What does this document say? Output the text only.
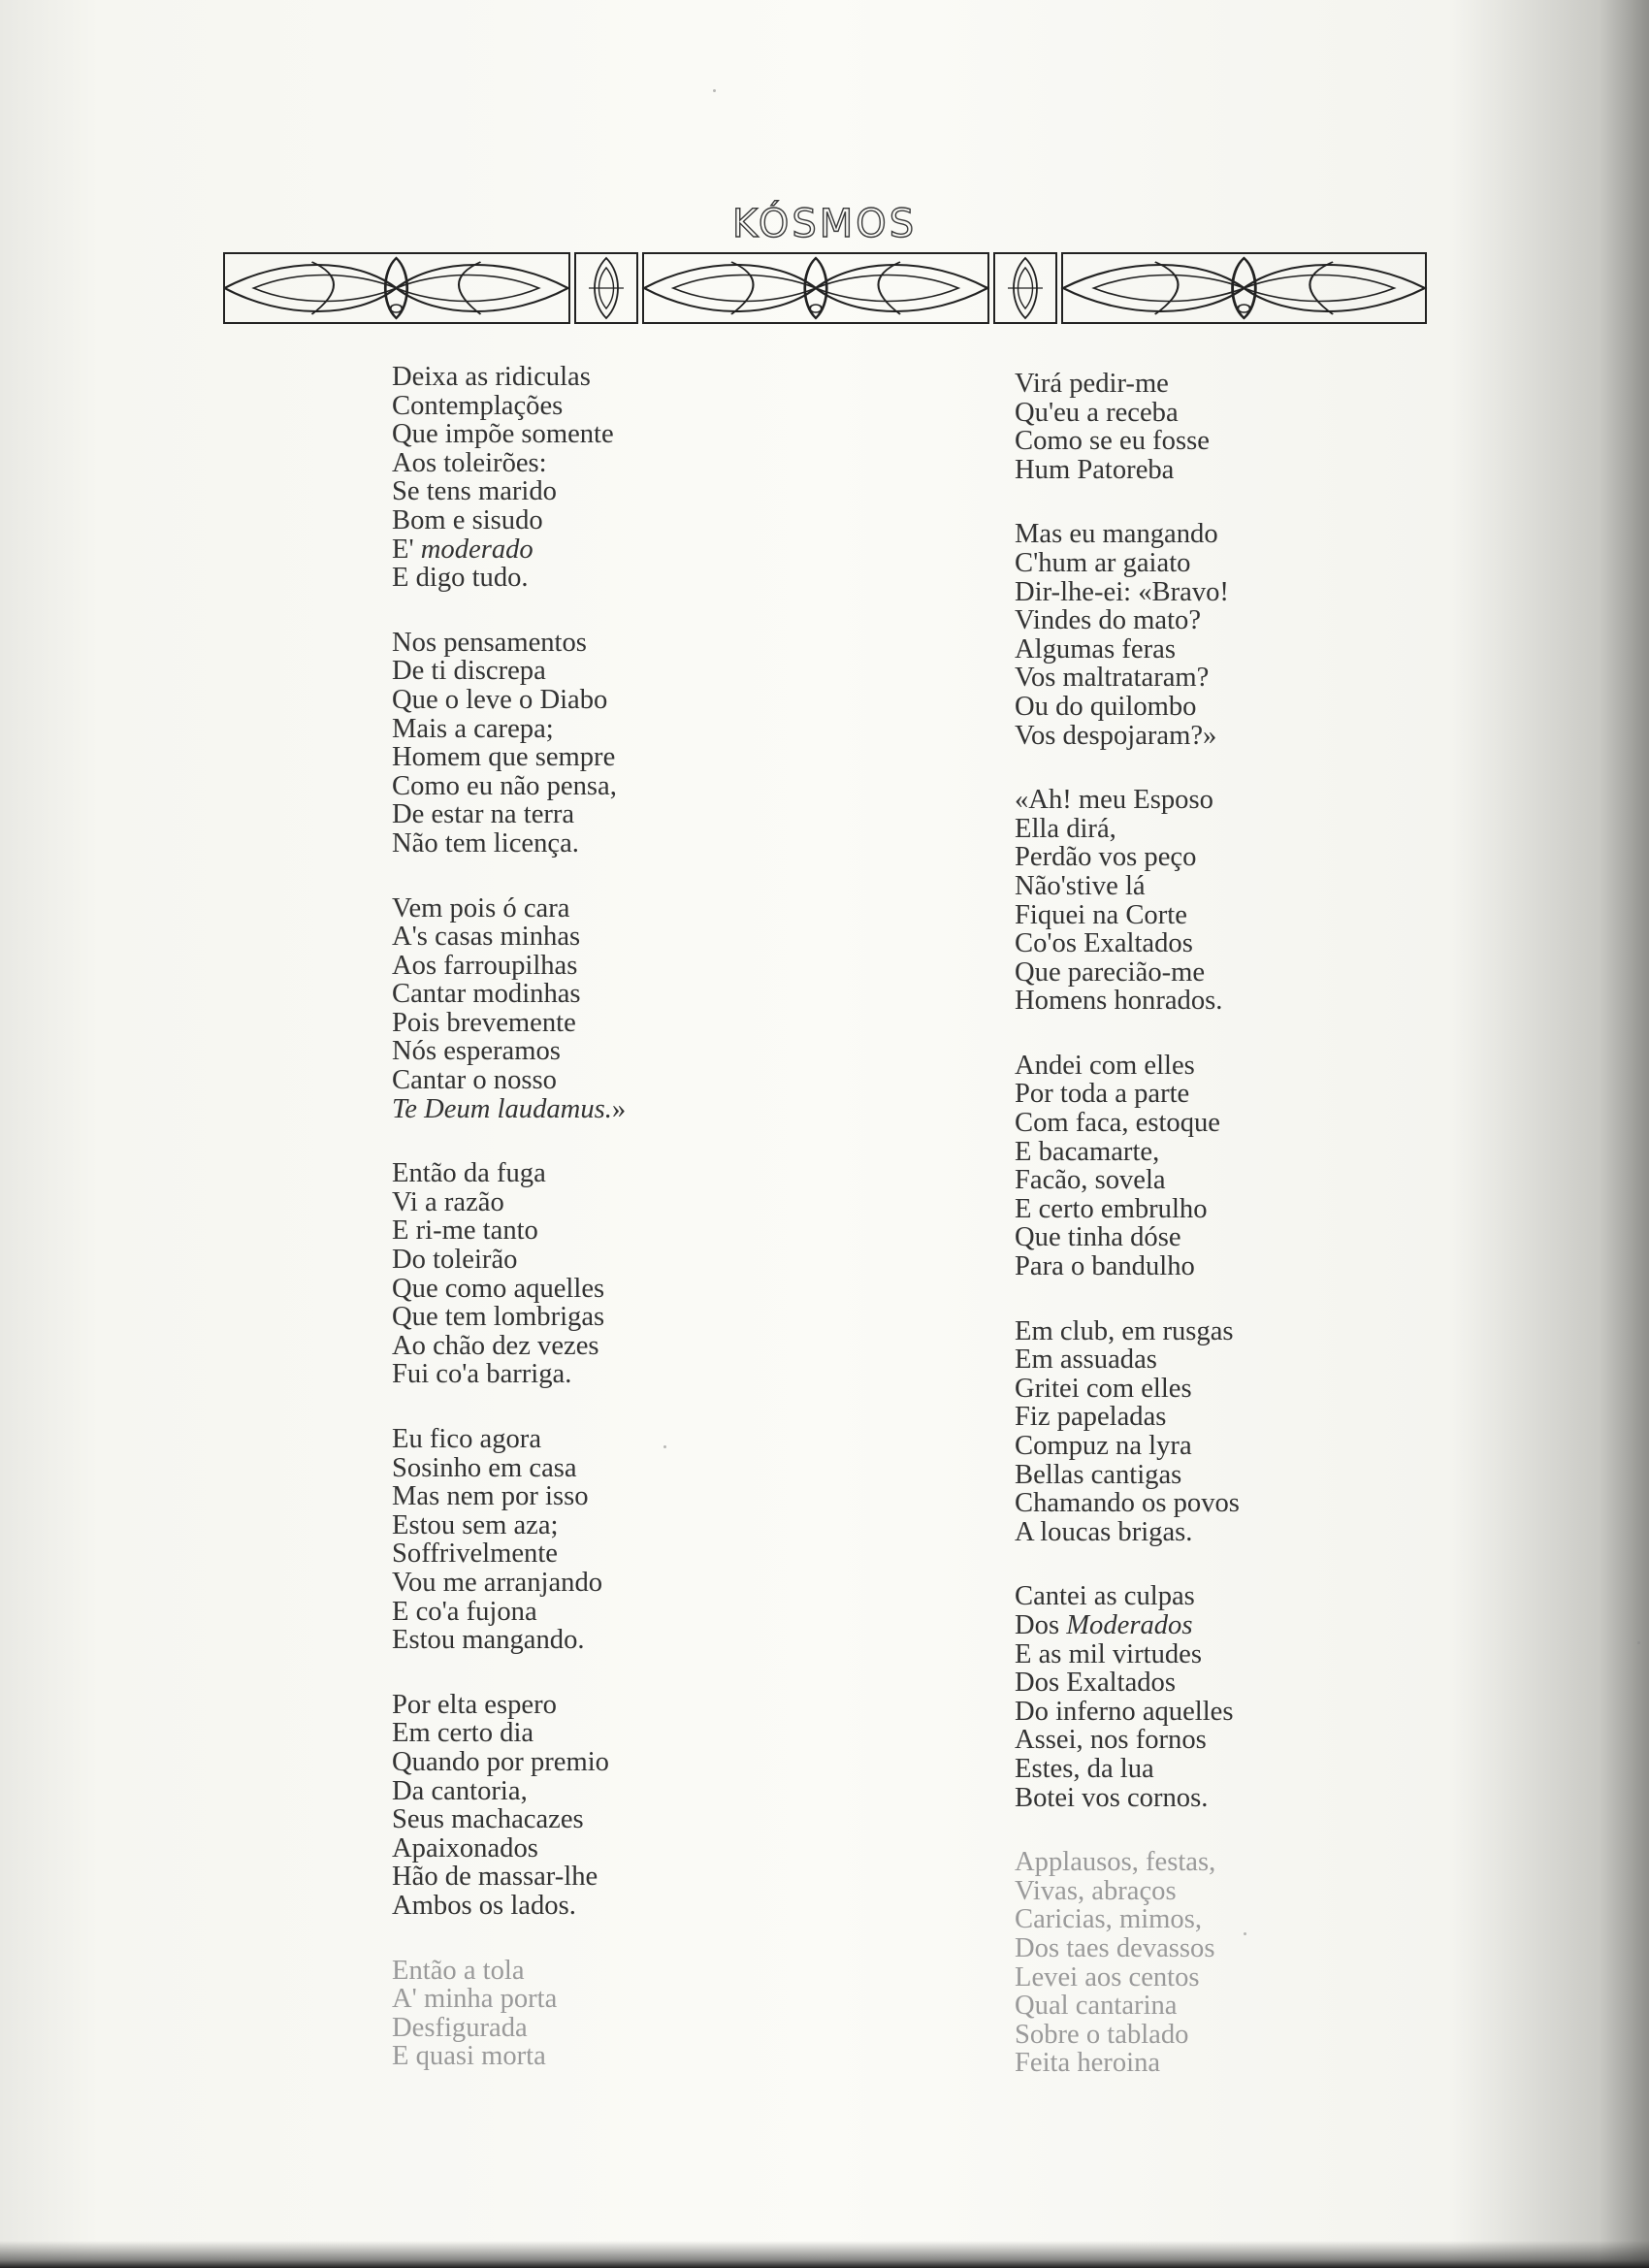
KÓSMOS
Deixa as ridiculas
Contemplações
Que impõe somente
Aos toleirões:
Se tens marido
Bom e sisudo
E' moderado
E digo tudo.
Nos pensamentos
De ti discrepa
Que o leve o Diabo
Mais a carepa;
Homem que sempre
Como eu não pensa,
De estar na terra
Não tem licença.
Vem pois ó cara
A's casas minhas
Aos farroupilhas
Cantar modinhas
Pois brevemente
Nós esperamos
Cantar o nosso
Te Deum laudamus.»
Então da fuga
Vi a razão
E ri-me tanto
Do toleirão
Que como aquelles
Que tem lombrigas
Ao chão dez vezes
Fui co'a barriga.
Eu fico agora
Sosinho em casa
Mas nem por isso
Estou sem aza;
Soffrivelmente
Vou me arranjando
E co'a fujona
Estou mangando.
Por elta espero
Em certo dia
Quando por premio
Da cantoria,
Seus machacazes
Apaixonados
Hão de massar-lhe
Ambos os lados.
Então a tola
A' minha porta
Desfigurada
E quasi morta
Virá pedir-me
Qu'eu a receba
Como se eu fosse
Hum Patoreba
Mas eu mangando
C'hum ar gaiato
Dir-lhe-ei: «Bravo!
Vindes do mato?
Algumas feras
Vos maltrataram?
Ou do quilombo
Vos despojaram?»
«Ah! meu Esposo
Ella dirá,
Perdão vos peço
Não'stive lá
Fiquei na Corte
Co'os Exaltados
Que parecião-me
Homens honrados.
Andei com elles
Por toda a parte
Com faca, estoque
E bacamarte,
Facão, sovela
E certo embrulho
Que tinha dóse
Para o bandulho
Em club, em rusgas
Em assuadas
Gritei com elles
Fiz papeladas
Compuz na lyra
Bellas cantigas
Chamando os povos
A loucas brigas.
Cantei as culpas
Dos Moderados
E as mil virtudes
Dos Exaltados
Do inferno aquelles
Assei, nos fornos
Estes, da lua
Botei vos cornos.
Applausos, festas,
Vivas, abraços
Caricias, mimos,
Dos taes devassos
Levei aos centos
Qual cantarina
Sobre o tablado
Feita heroina
